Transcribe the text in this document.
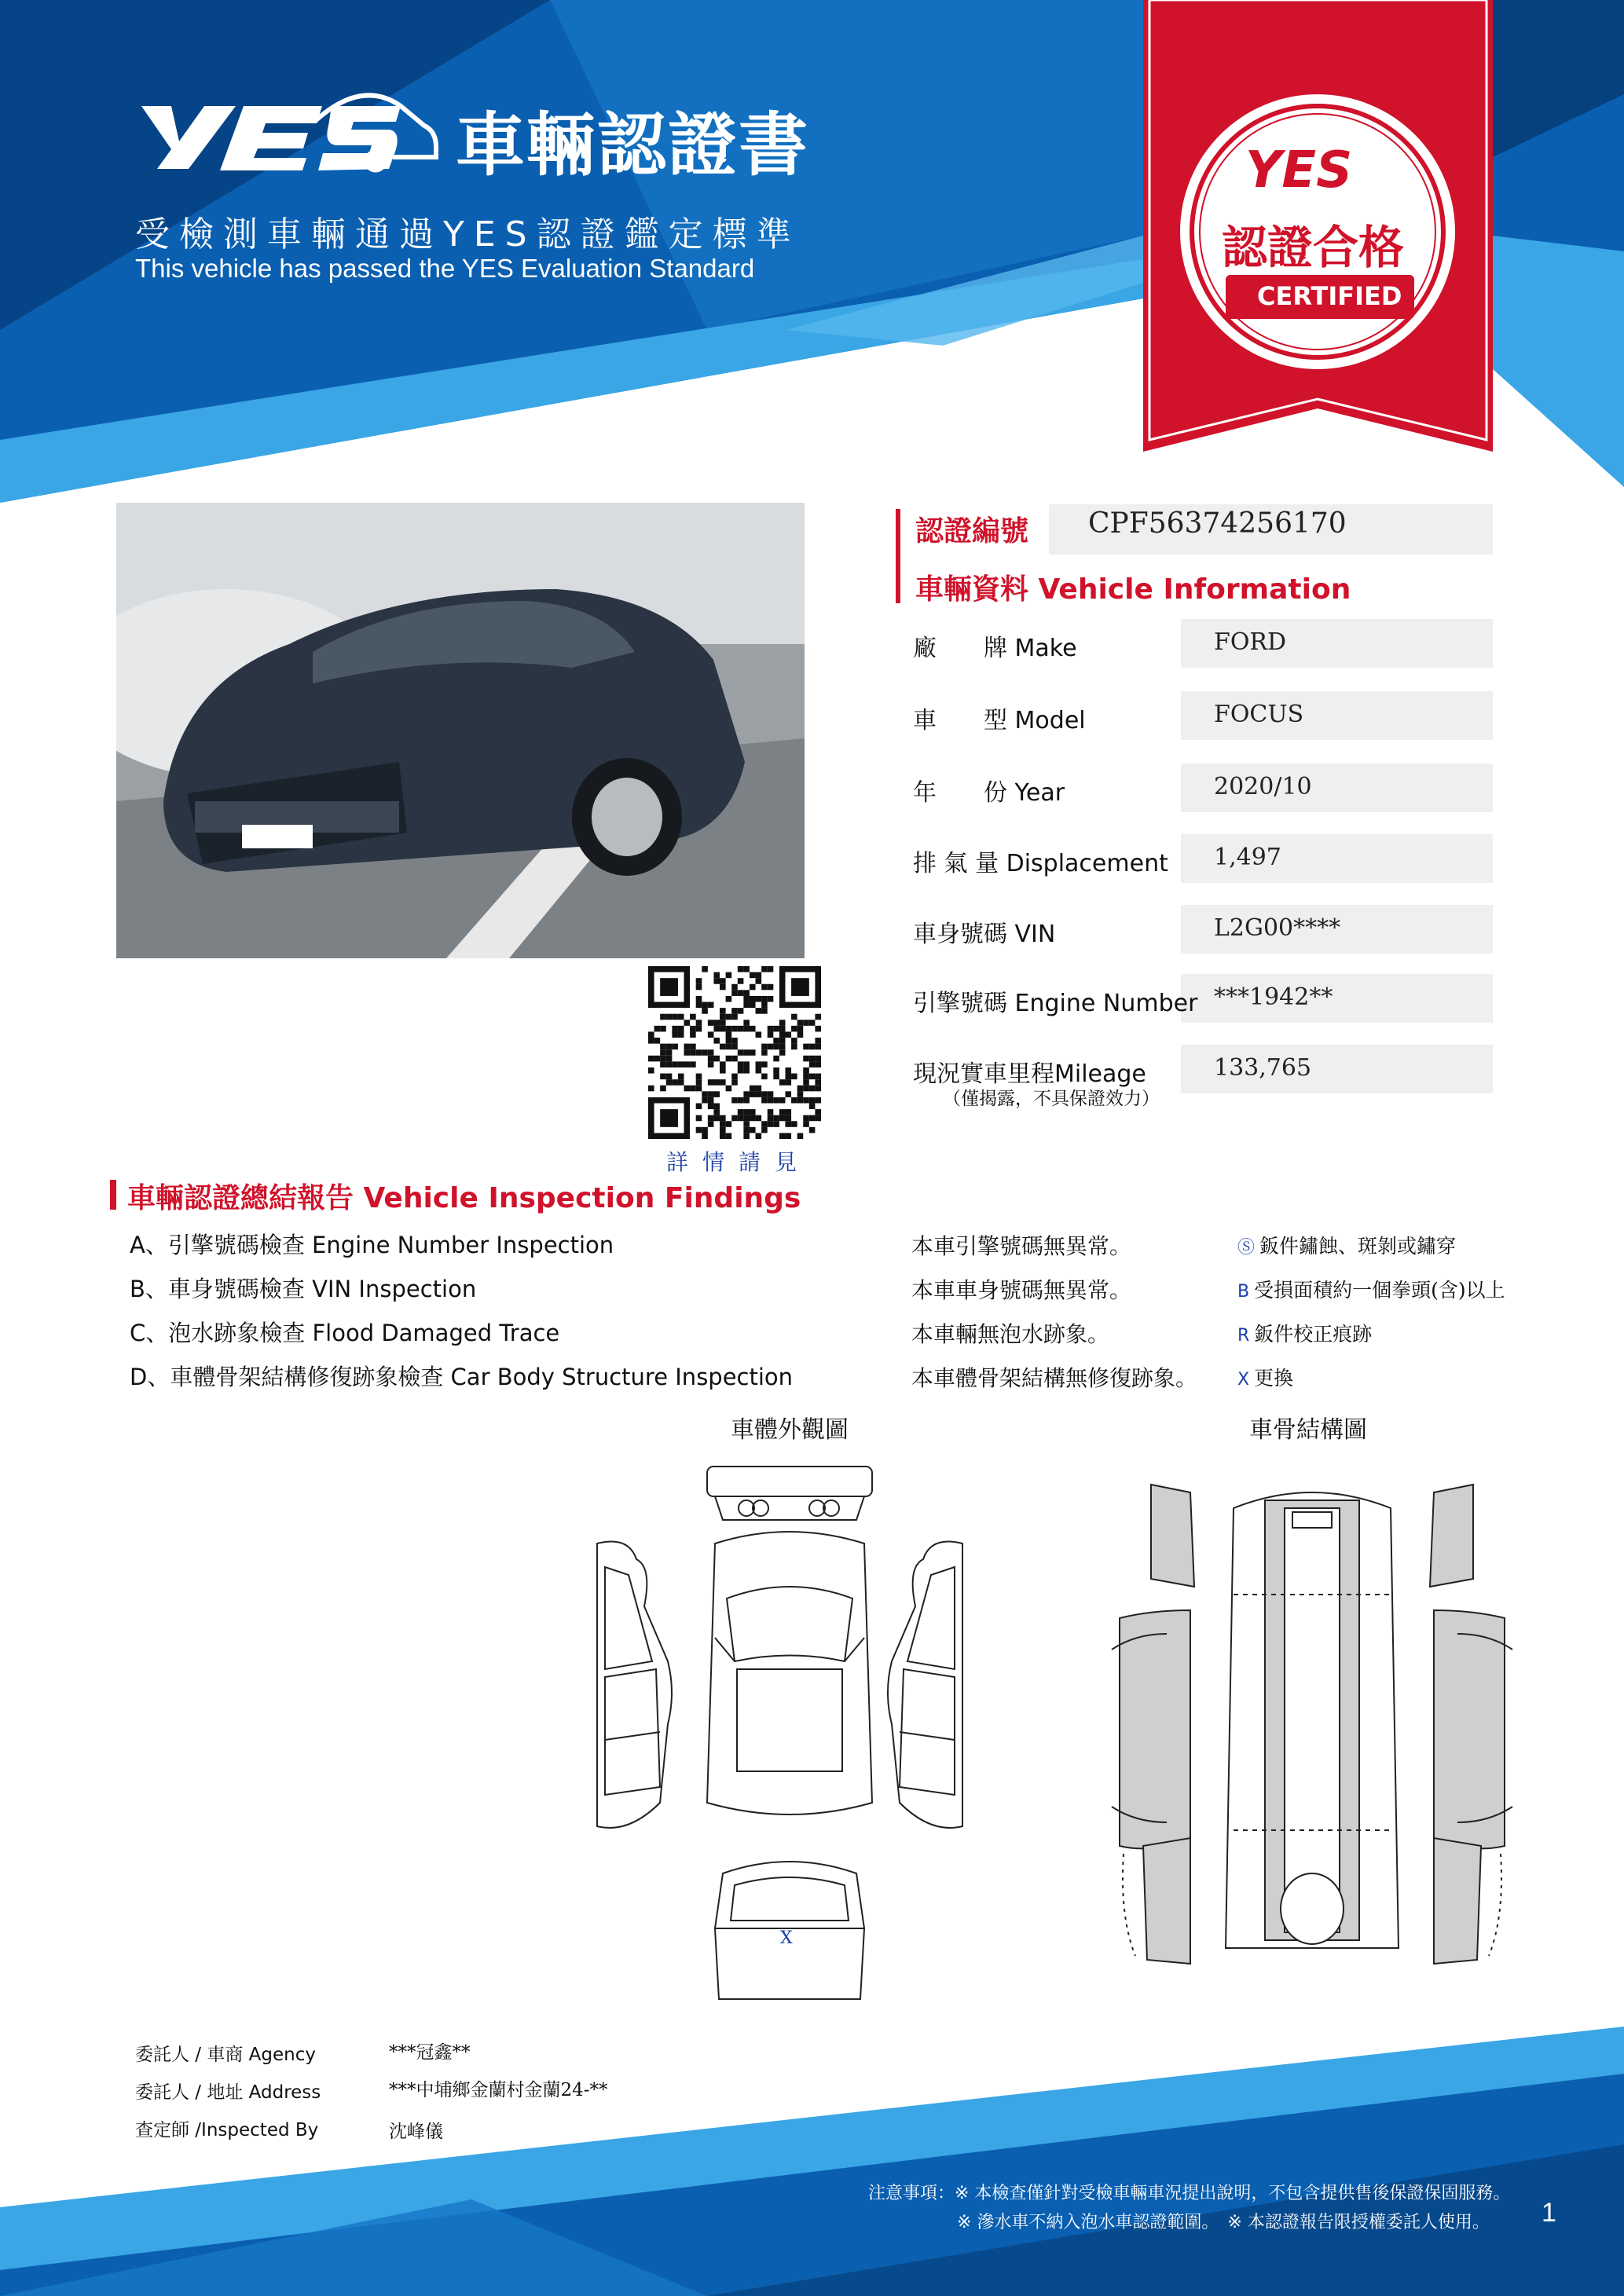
車輛認證書
受檢測車輛通過YES認證鑑定標準
This vehicle has passed the YES Evaluation Standard
YES
認證合格
CERTIFIED
詳情請見
認證編號 CPF56374256170
車輛資料 Vehicle Information
廠　　牌 Make	FORD
車　　型 Model	FOCUS
年　　份 Year	2020/10
排 氣 量 Displacement 1,497
車身號碼 VIN	L2G00****
引擎號碼 Engine Number ***1942**
現況實車里程Mileage	133,765
（僅揭露，不具保證效力）
車輛認證總結報告 Vehicle Inspection Findings
A、引擎號碼檢查 Engine Number Inspection	本車引擎號碼無異常。
B、車身號碼檢查 VIN Inspection	本車車身號碼無異常。
C、泡水跡象檢查 Flood Damaged Trace	本車輛無泡水跡象。
D、車體骨架結構修復跡象檢查 Car Body Structure Inspection	本車體骨架結構無修復跡象。
Ⓢ 鈑件鏽蝕、斑剝或鏽穿
B 受損面積約一個拳頭(含)以上
R 鈑件校正痕跡
X 更換
車體外觀圖	車骨結構圖
X
委託人 / 車商 Agency	***冠鑫**
委託人 / 地址 Address	***中埔鄉金蘭村金蘭24-**
查定師 /Inspected By	沈峰儀
注意事項：※ 本檢查僅針對受檢車輛車況提出說明，不包含提供售後保證保固服務。
※ 滲水車不納入泡水車認證範圍。　※ 本認證報告限授權委託人使用。 1
